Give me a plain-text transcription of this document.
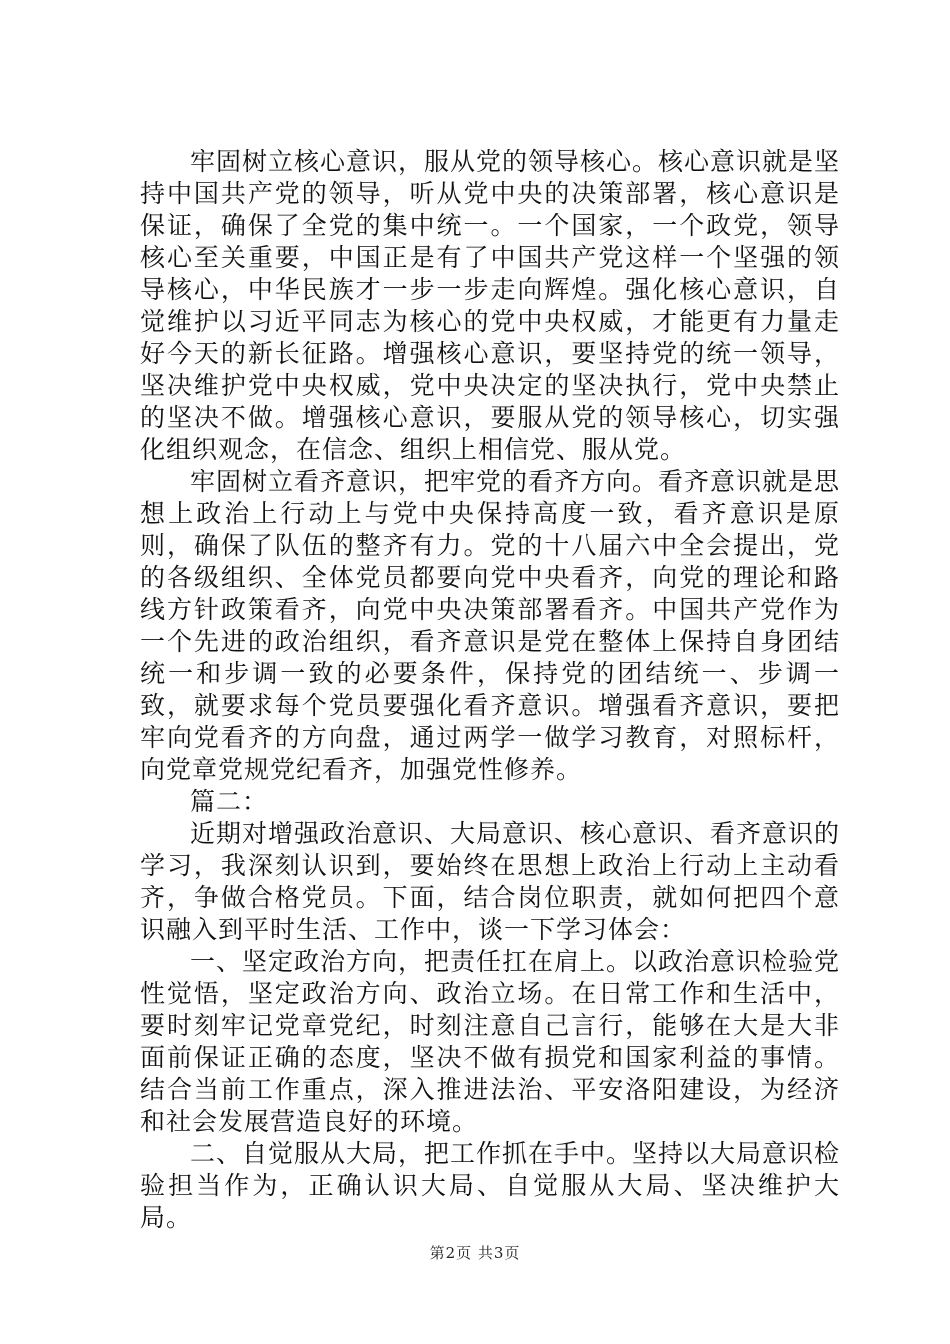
牢固树立核心意识，服从党的领导核心。核心意识就是坚持中国共产党的领导，听从党中央的决策部署，核心意识是保证，确保了全党的集中统一。一个国家，一个政党，领导核心至关重要，中国正是有了中国共产党这样一个坚强的领导核心，中华民族才一步一步走向辉煌。强化核心意识，自觉维护以习近平同志为核心的党中央权威，才能更有力量走好今天的新长征路。增强核心意识，要坚持党的统一领导，坚决维护党中央权威，党中央决定的坚决执行，党中央禁止的坚决不做。增强核心意识，要服从党的领导核心，切实强化组织观念，在信念、组织上相信党、服从党。

牢固树立看齐意识，把牢党的看齐方向。看齐意识就是思想上政治上行动上与党中央保持高度一致，看齐意识是原则，确保了队伍的整齐有力。党的十八届六中全会提出，党的各级组织、全体党员都要向党中央看齐，向党的理论和路线方针政策看齐，向党中央决策部署看齐。中国共产党作为一个先进的政治组织，看齐意识是党在整体上保持自身团结统一和步调一致的必要条件，保持党的团结统一、步调一致，就要求每个党员要强化看齐意识。增强看齐意识，要把牢向党看齐的方向盘，通过两学一做学习教育，对照标杆，向党章党规党纪看齐，加强党性修养。

篇二：

近期对增强政治意识、大局意识、核心意识、看齐意识的学习，我深刻认识到，要始终在思想上政治上行动上主动看齐，争做合格党员。下面，结合岗位职责，就如何把四个意识融入到平时生活、工作中，谈一下学习体会：

一、坚定政治方向，把责任扛在肩上。以政治意识检验党性觉悟，坚定政治方向、政治立场。在日常工作和生活中，要时刻牢记党章党纪，时刻注意自己言行，能够在大是大非面前保证正确的态度，坚决不做有损党和国家利益的事情。结合当前工作重点，深入推进法治、平安洛阳建设，为经济和社会发展营造良好的环境。

二、自觉服从大局，把工作抓在手中。坚持以大局意识检验担当作为，正确认识大局、自觉服从大局、坚决维护大局。

第2页 共3页
